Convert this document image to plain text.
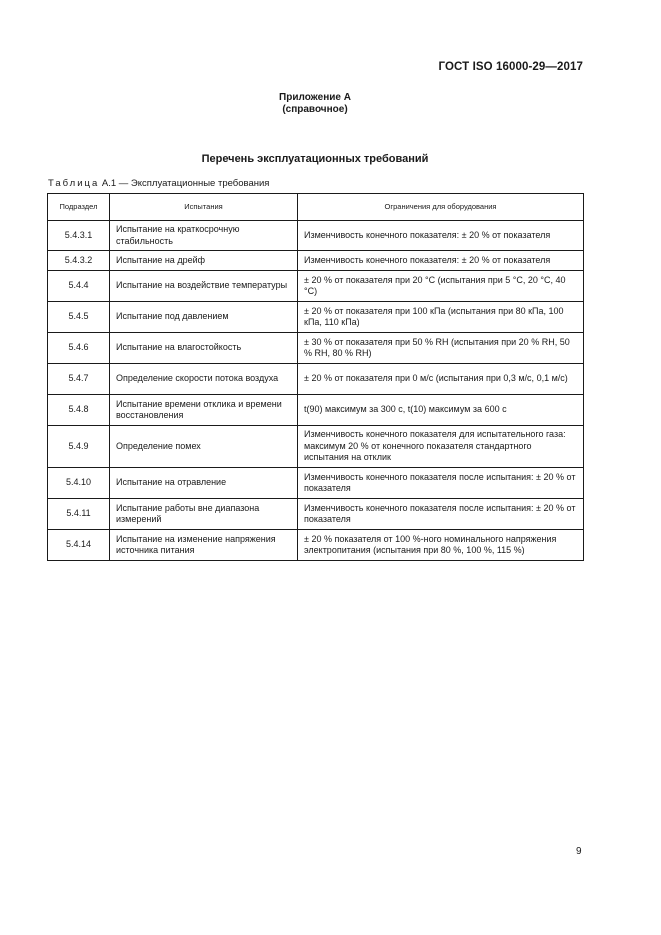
ГОСТ ISO 16000-29—2017
Приложение А
(справочное)
Перечень эксплуатационных требований
Таблица А.1 — Эксплуатационные требования
Подраздел	Испытания	Ограничения для оборудования
5.4.3.1	Испытание на краткосрочную стабильность	Изменчивость конечного показателя: ± 20 % от показателя
5.4.3.2	Испытание на дрейф	Изменчивость конечного показателя: ± 20 % от показателя
5.4.4	Испытание на воздействие температуры	± 20 % от показателя при 20 °С (испытания при 5 °С, 20 °С, 40 °С)
5.4.5	Испытание под давлением	± 20 % от показателя при 100 кПа (испытания при 80 кПа, 100 кПа, 110 кПа)
5.4.6	Испытание на влагостойкость	± 30 % от показателя при 50 % RH (испытания при 20 % RH, 50 % RH, 80 % RH)
5.4.7	Определение скорости потока воздуха	± 20 % от показателя при 0 м/с (испытания при 0,3 м/с, 0,1 м/с)
5.4.8	Испытание времени отклика и времени восстановления	t(90) максимум за 300 с, t(10) максимум за 600 с
5.4.9	Определение помех	Изменчивость конечного показателя для испытательного газа: максимум 20 % от конечного показателя стандартного испытания на отклик
5.4.10	Испытание на отравление	Изменчивость конечного показателя после испытания: ± 20 % от показателя
5.4.11	Испытание работы вне диапазона измерений	Изменчивость конечного показателя после испытания: ± 20 % от показателя
5.4.14	Испытание на изменение напряжения источника питания	± 20 % показателя от 100 %-ного номинального напряжения электропитания (испытания при 80 %, 100 %, 115 %)
9
